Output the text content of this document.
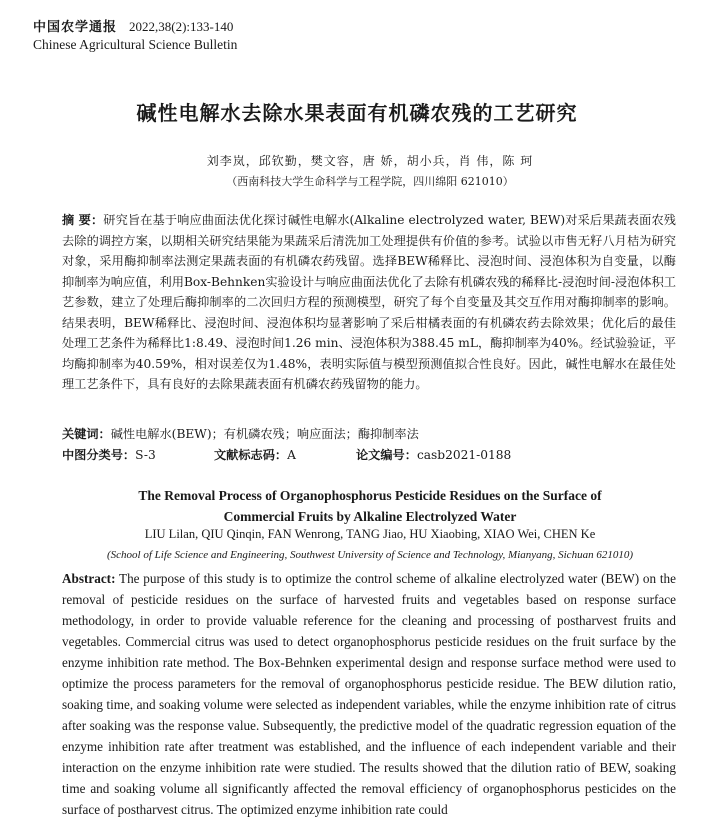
中国农学通报 2022,38(2):133-140
Chinese Agricultural Science Bulletin
碱性电解水去除水果表面有机磷农残的工艺研究
刘李岚，邱钦勤，樊文容，唐 娇，胡小兵，肖 伟，陈 珂
（西南科技大学生命科学与工程学院，四川绵阳 621010）
摘 要：研究旨在基于响应曲面法优化探讨碱性电解水(Alkaline electrolyzed water, BEW)对采后果蔬表面农残去除的调控方案，以期相关研究结果能为果蔬采后清洗加工处理提供有价值的参考。试验以市售无籽八月桔为研究对象，采用酶抑制率法测定果蔬表面的有机磷农药残留。选择BEW稀释比、浸泡时间、浸泡体积为自变量，以酶抑制率为响应值，利用Box-Behnken实验设计与响应曲面法优化了去除有机磷农残的稀释比-浸泡时间-浸泡体积工艺参数，建立了处理后酶抑制率的二次回归方程的预测模型，研究了每个自变量及其交互作用对酶抑制率的影响。结果表明，BEW稀释比、浸泡时间、浸泡体积均显著影响了采后柑橘表面的有机磷农药去除效果；优化后的最佳处理工艺条件为稀释比1:8.49、浸泡时间1.26 min、浸泡体积为388.45 mL，酶抑制率为40%。经试验验证，平均酶抑制率为40.59%，相对误差仅为1.48%，表明实际值与模型预测值拟合性良好。因此，碱性电解水在最佳处理工艺条件下，具有良好的去除果蔬表面有机磷农药残留物的能力。
关键词：碱性电解水(BEW)；有机磷农残；响应面法；酶抑制率法
中图分类号：S-3	文献标志码：A	论文编号：casb2021-0188
The Removal Process of Organophosphorus Pesticide Residues on the Surface of
Commercial Fruits by Alkaline Electrolyzed Water
LIU Lilan, QIU Qinqin, FAN Wenrong, TANG Jiao, HU Xiaobing, XIAO Wei, CHEN Ke
(School of Life Science and Engineering, Southwest University of Science and Technology, Mianyang, Sichuan 621010)
Abstract: The purpose of this study is to optimize the control scheme of alkaline electrolyzed water (BEW) on the removal of pesticide residues on the surface of harvested fruits and vegetables based on response surface methodology, in order to provide valuable reference for the cleaning and processing of postharvest fruits and vegetables. Commercial citrus was used to detect organophosphorus pesticide residues on the fruit surface by the enzyme inhibition rate method. The Box-Behnken experimental design and response surface method were used to optimize the process parameters for the removal of organophosphorus pesticide residue. The BEW dilution ratio, soaking time, and soaking volume were selected as independent variables, while the enzyme inhibition rate of citrus after soaking was the response value. Subsequently, the predictive model of the quadratic regression equation of the enzyme inhibition rate after treatment was established, and the influence of each independent variable and their interaction on the enzyme inhibition rate were studied. The results showed that the dilution ratio of BEW, soaking time and soaking volume all significantly affected the removal efficiency of organophosphorus pesticides on the surface of postharvest citrus. The optimized enzyme inhibition rate could
